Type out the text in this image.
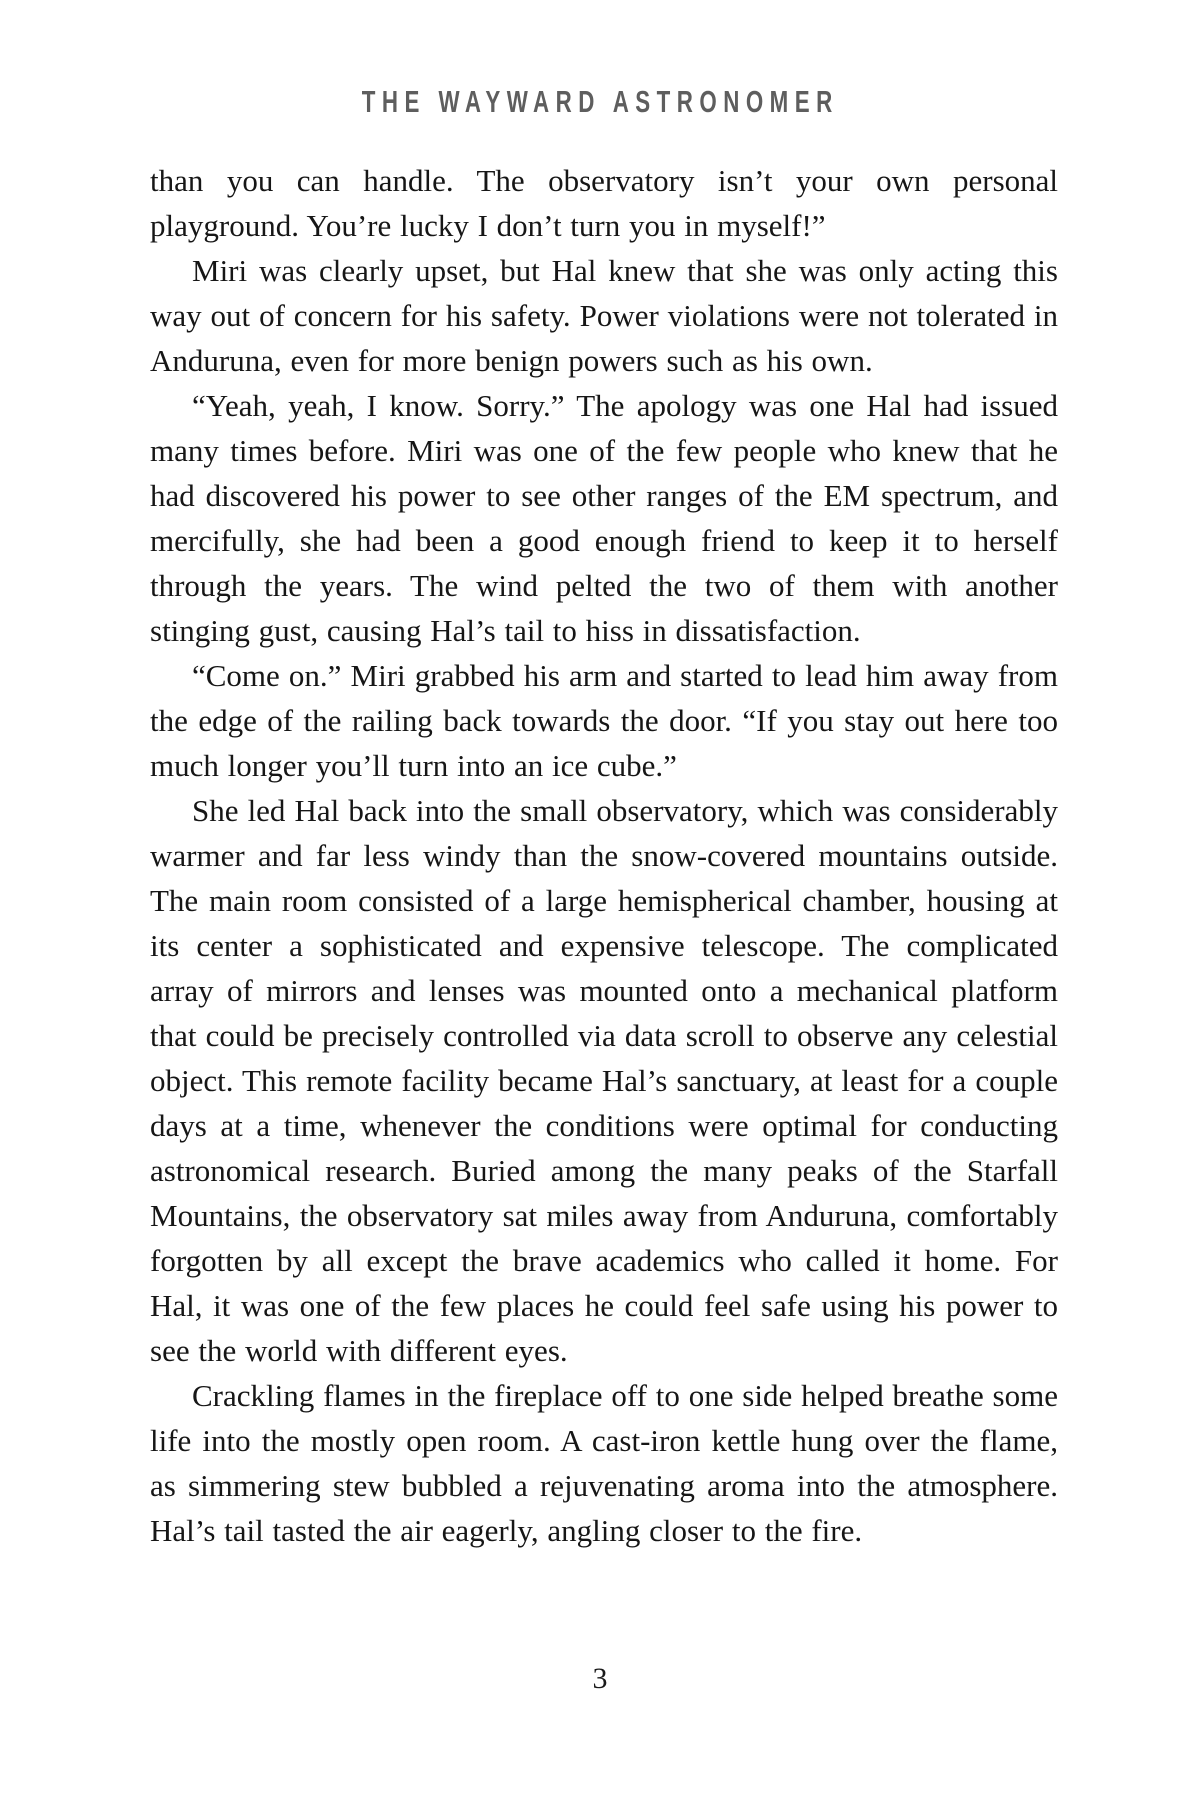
THE WAYWARD ASTRONOMER

than you can handle. The observatory isn’t your own personal playground. You’re lucky I don’t turn you in myself!”

Miri was clearly upset, but Hal knew that she was only acting this way out of concern for his safety. Power violations were not tolerated in Anduruna, even for more benign powers such as his own.

“Yeah, yeah, I know. Sorry.” The apology was one Hal had issued many times before. Miri was one of the few people who knew that he had discovered his power to see other ranges of the EM spectrum, and mercifully, she had been a good enough friend to keep it to herself through the years. The wind pelted the two of them with another stinging gust, causing Hal’s tail to hiss in dissatisfaction.

“Come on.” Miri grabbed his arm and started to lead him away from the edge of the railing back towards the door. “If you stay out here too much longer you’ll turn into an ice cube.”

She led Hal back into the small observatory, which was considerably warmer and far less windy than the snow-covered mountains outside. The main room consisted of a large hemispherical chamber, housing at its center a sophisticated and expensive telescope. The complicated array of mirrors and lenses was mounted onto a mechanical platform that could be precisely controlled via data scroll to observe any celestial object. This remote facility became Hal’s sanctuary, at least for a couple days at a time, whenever the conditions were optimal for conducting astronomical research. Buried among the many peaks of the Starfall Mountains, the observatory sat miles away from Anduruna, comfortably forgotten by all except the brave academics who called it home. For Hal, it was one of the few places he could feel safe using his power to see the world with different eyes.

Crackling flames in the fireplace off to one side helped breathe some life into the mostly open room. A cast-iron kettle hung over the flame, as simmering stew bubbled a rejuvenating aroma into the atmosphere. Hal’s tail tasted the air eagerly, angling closer to the fire.

3
